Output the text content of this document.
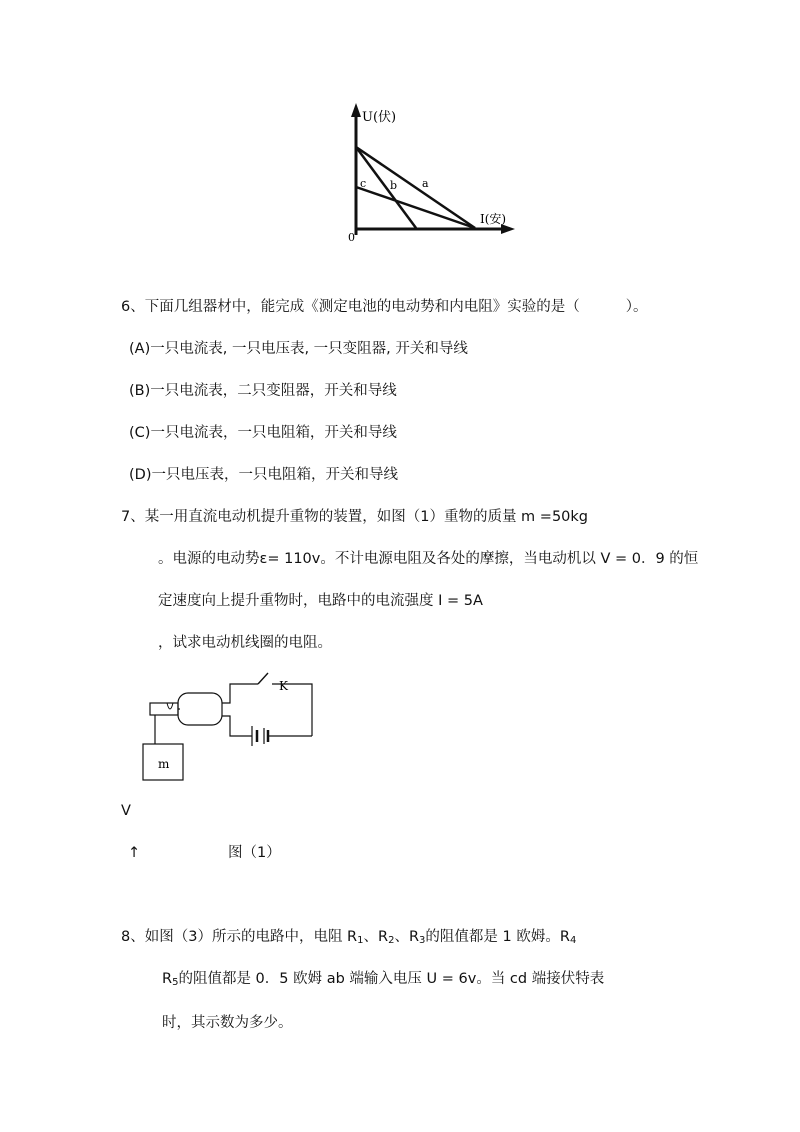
U(伏)
I(安)
0
c b a
6、下面几组器材中，能完成《测定电池的电动势和内电阻》实验的是（	）。
(A)一只电流表, 一只电压表, 一只变阻器, 开关和导线
(B)一只电流表，二只变阻器，开关和导线
(C)一只电流表，一只电阻箱，开关和导线
(D)一只电压表，一只电阻箱，开关和导线
7、某一用直流电动机提升重物的装置，如图（1）重物的质量 m =50kg
。电源的电动势ε= 110v。不计电源电阻及各处的摩擦，当电动机以 V = 0．9 的恒
定速度向上提升重物时，电路中的电流强度 I = 5A
，试求电动机线圈的电阻。
m
K
V
↑	图（1）
8、如图（3）所示的电路中，电阻 $R_1$、$R_2$、$R_3$的阻值都是 1 欧姆。$R_4$
$R_5$的阻值都是 0．5 欧姆 ab 端输入电压 U = 6v。当 cd 端接伏特表
时，其示数为多少。
